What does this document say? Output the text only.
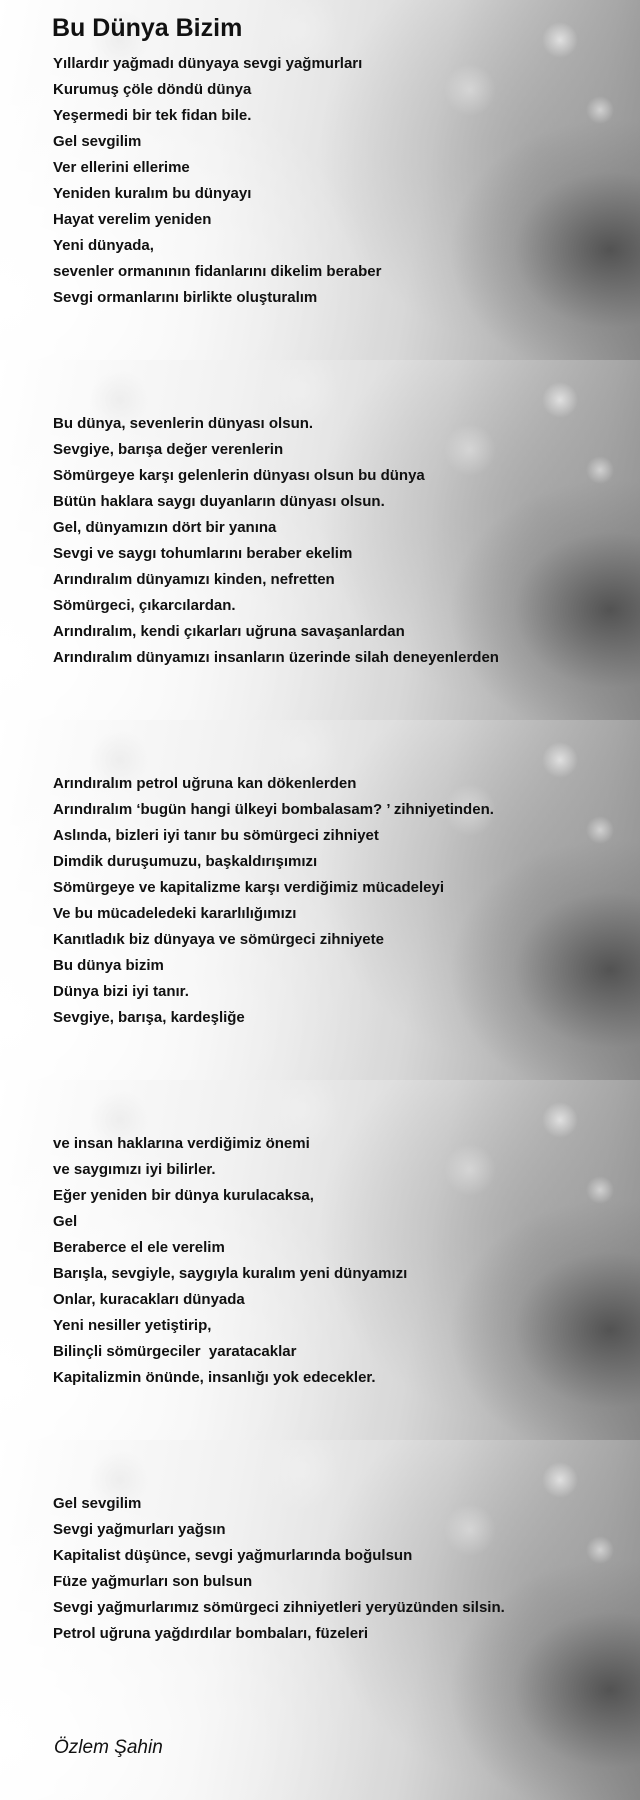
Bu Dünya Bizim
Yıllardır yağmadı dünyaya sevgi yağmurları
Kurumuş çöle döndü dünya
Yeşermedi bir tek fidan bile.
Gel sevgilim
Ver ellerini ellerime
Yeniden kuralım bu dünyayı
Hayat verelim yeniden
Yeni dünyada,
sevenler ormanının fidanlarını dikelim beraber
Sevgi ormanlarını birlikte oluşturalım
Bu dünya, sevenlerin dünyası olsun.
Sevgiye, barışa değer verenlerin
Sömürgeye karşı gelenlerin dünyası olsun bu dünya
Bütün haklara saygı duyanların dünyası olsun.
Gel, dünyamızın dört bir yanına
Sevgi ve saygı tohumlarını beraber ekelim
Arındıralım dünyamızı kinden, nefretten
Sömürgeci, çıkarcılardan.
Arındıralım, kendi çıkarları uğruna savaşanlardan
Arındıralım dünyamızı insanların üzerinde silah deneyenlerden
Arındıralım petrol uğruna kan dökenlerden
Arındıralım ‘bugün hangi ülkeyi bombalasam? ’ zihniyetinden.
Aslında, bizleri iyi tanır bu sömürgeci zihniyet
Dimdik duruşumuzu, başkaldırışımızı
Sömürgeye ve kapitalizme karşı verdiğimiz mücadeleyi
Ve bu mücadeledeki kararlılığımızı
Kanıtladık biz dünyaya ve sömürgeci zihniyete
Bu dünya bizim
Dünya bizi iyi tanır.
Sevgiye, barışa, kardeşliğe
ve insan haklarına verdiğimiz önemi
ve saygımızı iyi bilirler.
Eğer yeniden bir dünya kurulacaksa,
Gel
Beraberce el ele verelim
Barışla, sevgiyle, saygıyla kuralım yeni dünyamızı
Onlar, kuracakları dünyada
Yeni nesiller yetiştirip,
Bilinçli sömürgeciler  yaratacaklar
Kapitalizmin önünde, insanlığı yok edecekler.
Gel sevgilim
Sevgi yağmurları yağsın
Kapitalist düşünce, sevgi yağmurlarında boğulsun
Füze yağmurları son bulsun
Sevgi yağmurlarımız sömürgeci zihniyetleri yeryüzünden silsin.
Petrol uğruna yağdırdılar bombaları, füzeleri
Özlem Şahin
